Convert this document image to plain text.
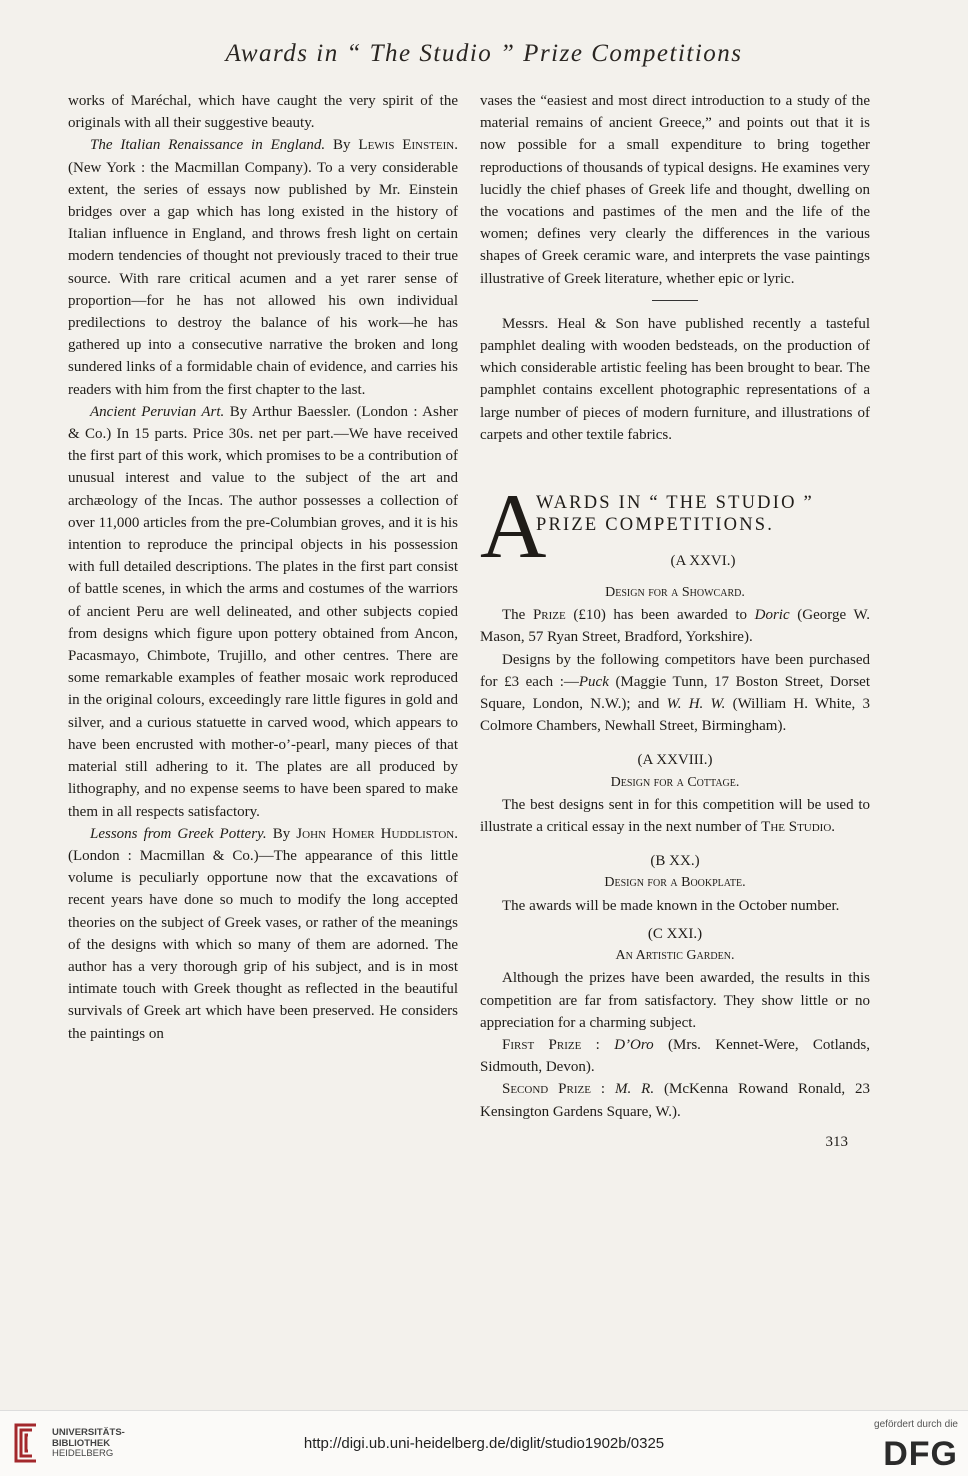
Awards in “ The Studio ” Prize Competitions

works of Maréchal, which have caught the very spirit of the originals with all their suggestive beauty.

The Italian Renaissance in England. By Lewis Einstein. (New York : the Macmillan Company). To a very considerable extent, the series of essays now published by Mr. Einstein bridges over a gap which has long existed in the history of Italian influence in England, and throws fresh light on certain modern tendencies of thought not previously traced to their true source. With rare critical acumen and a yet rarer sense of proportion—for he has not allowed his own individual predilections to destroy the balance of his work—he has gathered up into a consecutive narrative the broken and long sundered links of a formidable chain of evidence, and carries his readers with him from the first chapter to the last.

Ancient Peruvian Art. By Arthur Baessler. (London : Asher & Co.) In 15 parts. Price 30s. net per part.—We have received the first part of this work, which promises to be a contribution of unusual interest and value to the subject of the art and archæology of the Incas. The author possesses a collection of over 11,000 articles from the pre-Columbian groves, and it is his intention to reproduce the principal objects in his possession with full detailed descriptions. The plates in the first part consist of battle scenes, in which the arms and costumes of the warriors of ancient Peru are well delineated, and other subjects copied from designs which figure upon pottery obtained from Ancon, Pacasmayo, Chimbote, Trujillo, and other centres. There are some remarkable examples of feather mosaic work reproduced in the original colours, exceedingly rare little figures in gold and silver, and a curious statuette in carved wood, which appears to have been encrusted with mother-o’-pearl, many pieces of that material still adhering to it. The plates are all produced by lithography, and no expense seems to have been spared to make them in all respects satisfactory.

Lessons from Greek Pottery. By John Homer Huddliston. (London : Macmillan & Co.)—The appearance of this little volume is peculiarly opportune now that the excavations of recent years have done so much to modify the long accepted theories on the subject of Greek vases, or rather of the meanings of the designs with which so many of them are adorned. The author has a very thorough grip of his subject, and is in most intimate touch with Greek thought as reflected in the beautiful survivals of Greek art which have been preserved. He considers the paintings on

vases the “easiest and most direct introduction to a study of the material remains of ancient Greece,” and points out that it is now possible for a small expenditure to bring together reproductions of thousands of typical designs. He examines very lucidly the chief phases of Greek life and thought, dwelling on the vocations and pastimes of the men and the life of the women; defines very clearly the differences in the various shapes of Greek ceramic ware, and interprets the vase paintings illustrative of Greek literature, whether epic or lyric.

Messrs. Heal & Son have published recently a tasteful pamphlet dealing with wooden bedsteads, on the production of which considerable artistic feeling has been brought to bear. The pamphlet contains excellent photographic representations of a large number of pieces of modern furniture, and illustrations of carpets and other textile fabrics.

A
WARDS IN “ THE STUDIO ” PRIZE COMPETITIONS.
(A XXVI.)
Design for a Showcard.

The Prize (£10) has been awarded to Doric (George W. Mason, 57 Ryan Street, Bradford, Yorkshire).

Designs by the following competitors have been purchased for £3 each :—Puck (Maggie Tunn, 17 Boston Street, Dorset Square, London, N.W.); and W. H. W. (William H. White, 3 Colmore Chambers, Newhall Street, Birmingham).

(A XXVIII.)
Design for a Cottage.

The best designs sent in for this competition will be used to illustrate a critical essay in the next number of The Studio.

(B XX.)
Design for a Bookplate.

The awards will be made known in the October number.

(C XXI.)
An Artistic Garden.

Although the prizes have been awarded, the results in this competition are far from satisfactory. They show little or no appreciation for a charming subject.

First Prize : D’Oro (Mrs. Kennet-Were, Cotlands, Sidmouth, Devon).

Second Prize : M. R. (McKenna Rowand Ronald, 23 Kensington Gardens Square, W.).

313
UNIVERSITÄTS-
BIBLIOTHEK
HEIDELBERG
http://digi.ub.uni-heidelberg.de/diglit/studio1902b/0325
gefördert durch die
DFG
